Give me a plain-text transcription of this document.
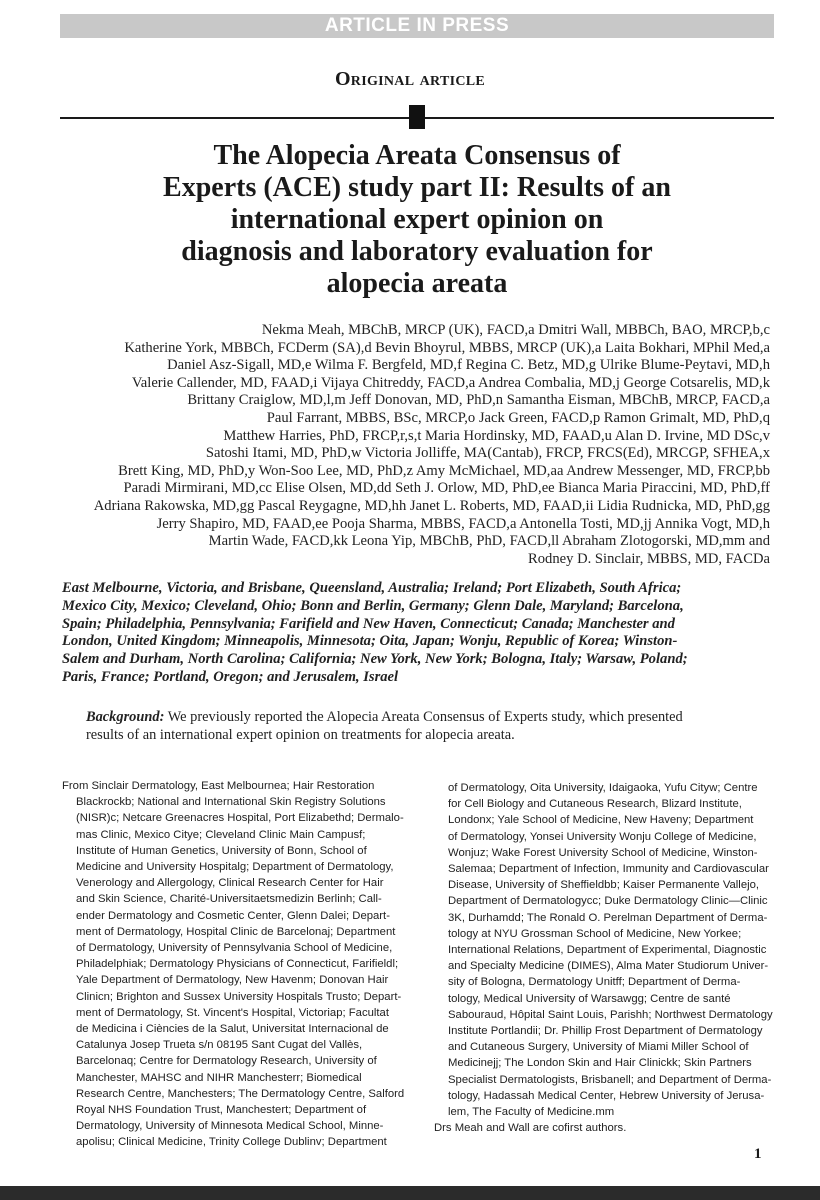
ARTICLE IN PRESS
Original article
The Alopecia Areata Consensus of
Experts (ACE) study part II: Results of an
international expert opinion on
diagnosis and laboratory evaluation for
alopecia areata
Nekma Meah, MBChB, MRCP (UK), FACD,a Dmitri Wall, MBBCh, BAO, MRCP,b,c
Katherine York, MBBCh, FCDerm (SA),d Bevin Bhoyrul, MBBS, MRCP (UK),a Laita Bokhari, MPhil Med,a
Daniel Asz-Sigall, MD,e Wilma F. Bergfeld, MD,f Regina C. Betz, MD,g Ulrike Blume-Peytavi, MD,h
Valerie Callender, MD, FAAD,i Vijaya Chitreddy, FACD,a Andrea Combalia, MD,j George Cotsarelis, MD,k
Brittany Craiglow, MD,l,m Jeff Donovan, MD, PhD,n Samantha Eisman, MBChB, MRCP, FACD,a
Paul Farrant, MBBS, BSc, MRCP,o Jack Green, FACD,p Ramon Grimalt, MD, PhD,q
Matthew Harries, PhD, FRCP,r,s,t Maria Hordinsky, MD, FAAD,u Alan D. Irvine, MD DSc,v
Satoshi Itami, MD, PhD,w Victoria Jolliffe, MA(Cantab), FRCP, FRCS(Ed), MRCGP, SFHEA,x
Brett King, MD, PhD,y Won-Soo Lee, MD, PhD,z Amy McMichael, MD,aa Andrew Messenger, MD, FRCP,bb
Paradi Mirmirani, MD,cc Elise Olsen, MD,dd Seth J. Orlow, MD, PhD,ee Bianca Maria Piraccini, MD, PhD,ff
Adriana Rakowska, MD,gg Pascal Reygagne, MD,hh Janet L. Roberts, MD, FAAD,ii Lidia Rudnicka, MD, PhD,gg
Jerry Shapiro, MD, FAAD,ee Pooja Sharma, MBBS, FACD,a Antonella Tosti, MD,jj Annika Vogt, MD,h
Martin Wade, FACD,kk Leona Yip, MBChB, PhD, FACD,ll Abraham Zlotogorski, MD,mm and
Rodney D. Sinclair, MBBS, MD, FACDa
East Melbourne, Victoria, and Brisbane, Queensland, Australia; Ireland; Port Elizabeth, South Africa;
Mexico City, Mexico; Cleveland, Ohio; Bonn and Berlin, Germany; Glenn Dale, Maryland; Barcelona,
Spain; Philadelphia, Pennsylvania; Farifield and New Haven, Connecticut; Canada; Manchester and
London, United Kingdom; Minneapolis, Minnesota; Oita, Japan; Wonju, Republic of Korea; Winston-
Salem and Durham, North Carolina; California; New York, New York; Bologna, Italy; Warsaw, Poland;
Paris, France; Portland, Oregon; and Jerusalem, Israel
Background: We previously reported the Alopecia Areata Consensus of Experts study, which presented
results of an international expert opinion on treatments for alopecia areata.
From Sinclair Dermatology, East Melbournea; Hair Restoration
Blackrockb; National and International Skin Registry Solutions
(NISR)c; Netcare Greenacres Hospital, Port Elizabethd; Dermalo-
mas Clinic, Mexico Citye; Cleveland Clinic Main Campusf;
Institute of Human Genetics, University of Bonn, School of
Medicine and University Hospitalg; Department of Dermatology,
Venerology and Allergology, Clinical Research Center for Hair
and Skin Science, Charité-Universitaetsmedizin Berlinh; Call-
ender Dermatology and Cosmetic Center, Glenn Dalei; Depart-
ment of Dermatology, Hospital Clinic de Barcelonaj; Department
of Dermatology, University of Pennsylvania School of Medicine,
Philadelphiak; Dermatology Physicians of Connecticut, Farifieldl;
Yale Department of Dermatology, New Havenm; Donovan Hair
Clinicn; Brighton and Sussex University Hospitals Trusto; Depart-
ment of Dermatology, St. Vincent's Hospital, Victoriap; Facultat
de Medicina i Ciències de la Salut, Universitat Internacional de
Catalunya Josep Trueta s/n 08195 Sant Cugat del Vallès,
Barcelonaq; Centre for Dermatology Research, University of
Manchester, MAHSC and NIHR Manchesterr; Biomedical
Research Centre, Manchesters; The Dermatology Centre, Salford
Royal NHS Foundation Trust, Manchestert; Department of
Dermatology, University of Minnesota Medical School, Minne-
apolisu; Clinical Medicine, Trinity College Dublinv; Department
of Dermatology, Oita University, Idaigaoka, Yufu Cityw; Centre
for Cell Biology and Cutaneous Research, Blizard Institute,
Londonx; Yale School of Medicine, New Haveny; Department
of Dermatology, Yonsei University Wonju College of Medicine,
Wonjuz; Wake Forest University School of Medicine, Winston-
Salemaa; Department of Infection, Immunity and Cardiovascular
Disease, University of Sheffieldbb; Kaiser Permanente Vallejo,
Department of Dermatologycc; Duke Dermatology Clinic—Clinic
3K, Durhamdd; The Ronald O. Perelman Department of Derma-
tology at NYU Grossman School of Medicine, New Yorkee;
International Relations, Department of Experimental, Diagnostic
and Specialty Medicine (DIMES), Alma Mater Studiorum Univer-
sity of Bologna, Dermatology Unitff; Department of Derma-
tology, Medical University of Warsawgg; Centre de santé
Sabouraud, Hôpital Saint Louis, Parishh; Northwest Dermatology
Institute Portlandii; Dr. Phillip Frost Department of Dermatology
and Cutaneous Surgery, University of Miami Miller School of
Medicinejj; The London Skin and Hair Clinickk; Skin Partners
Specialist Dermatologists, Brisbanell; and Department of Derma-
tology, Hadassah Medical Center, Hebrew University of Jerusa-
lem, The Faculty of Medicine.mm
Drs Meah and Wall are cofirst authors.
1
